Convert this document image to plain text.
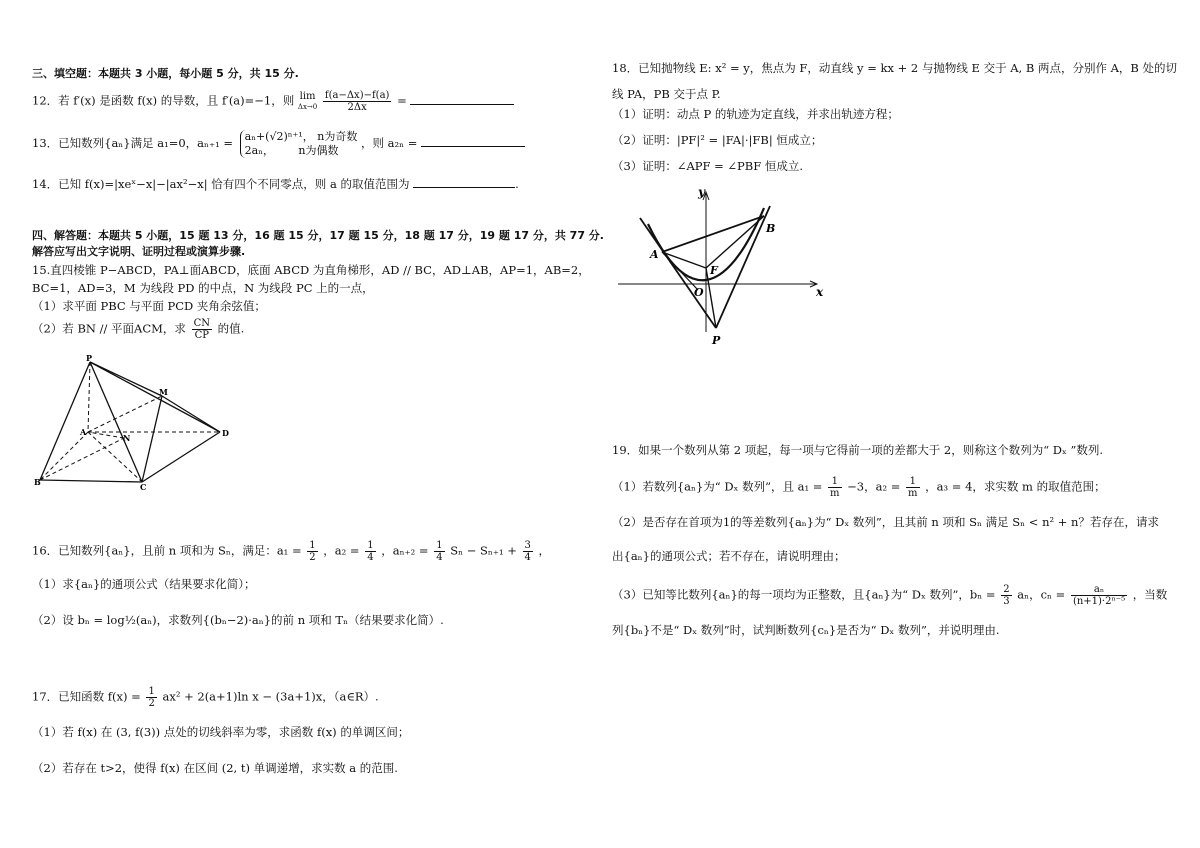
三、填空题：本题共 3 小题，每小题 5 分，共 15 分.
12．若 f′(x) 是函数 f(x) 的导数，且 f′(a)=−1，则 lim
Δx→0
$\frac{f(a-\Delta x)-f(a)}{2\Delta x}$ =
13．已知数列{aₙ}满足 a₁=0，aₙ₊₁ = aₙ+(√2)ⁿ⁺¹， n为奇数
2aₙ，       n为偶数
，则 a₂ₙ =
14．已知 f(x)=|xeˣ−x|−|ax²−x| 恰有四个不同零点，则 a 的取值范围为	.
四、解答题：本题共 5 小题，15 题 13 分，16 题 15 分，17 题 15 分，18 题 17 分，19 题 17 分，共 77 分.
解答应写出文字说明、证明过程或演算步骤.
15.直四棱锥 P−ABCD，PA⊥面ABCD，底面 ABCD 为直角梯形，AD // BC，AD⊥AB，AP=1，AB=2，
BC=1，AD=3，M 为线段 PD 的中点，N 为线段 PC 上的一点，
（1）求平面 PBC 与平面 PCD 夹角余弦值；
（2）若 BN // 平面ACM，求 $\frac{CN}{CP}$ 的值.
P
M
A
N	D
B	C
16．已知数列{aₙ}，且前 n 项和为 Sₙ，满足：$a_1 = \frac{1}{2}$ ，$a_2 = \frac{1}{4}$ ，$a_{n+2} = \frac{1}{4}$ $S_n - S_{n+1} + \frac{3}{4}$ ，
（1）求{aₙ}的通项公式（结果要求化简）；
（2）设 bₙ = log½(aₙ)，求数列{(bₙ−2)·aₙ}的前 n 项和 Tₙ（结果要求化简）.
17．已知函数 $f(x) = \frac{1}{2} ax^2 + 2(a+1)\ln$ x − (3a+1)x，（a∈R）.
（1）若 f(x) 在 (3, f(3)) 点处的切线斜率为零，求函数 f(x) 的单调区间；
（2）若存在 t>2，使得 f(x) 在区间 (2, t) 单调递增，求实数 a 的范围.
18．已知抛物线 E: x² = y，焦点为 F，动直线 y = kx + 2 与抛物线 E 交于 A, B 两点，分别作 A，B 处的切
线 PA，PB 交于点 P.
（1）证明：动点 P 的轨迹为定直线，并求出轨迹方程；
（2）证明：|PF|² = |FA|·|FB| 恒成立；
（3）证明：∠APF = ∠PBF 恒成立.
y
x
A
B
F
O
P
19．如果一个数列从第 2 项起，每一项与它得前一项的差都大于 2，则称这个数列为“ Dₓ ”数列.
（1）若数列{aₙ}为“ Dₓ 数列”，且 $a_1 = \frac{1}{m} -3$，$a_2 = \frac{1}{m}$ ，a₃ = 4，求实数 m 的取值范围；
（2）是否存在首项为1的等差数列{aₙ}为“ Dₓ 数列”，且其前 n 项和 Sₙ 满足 Sₙ < n² + n？若存在，请求
出{aₙ}的通项公式；若不存在，请说明理由；
（3）已知等比数列{aₙ}的每一项均为正整数，且{aₙ}为“ Dₓ 数列”，$b_n = \frac{2}{3}$ aₙ，$c_n = \frac{\text{aₙ}}{\text{(n+1)·2ⁿ⁻⁵}}$ ，当数
列{bₙ}不是“ Dₓ 数列”时，试判断数列{cₙ}是否为“ Dₓ 数列”，并说明理由.
